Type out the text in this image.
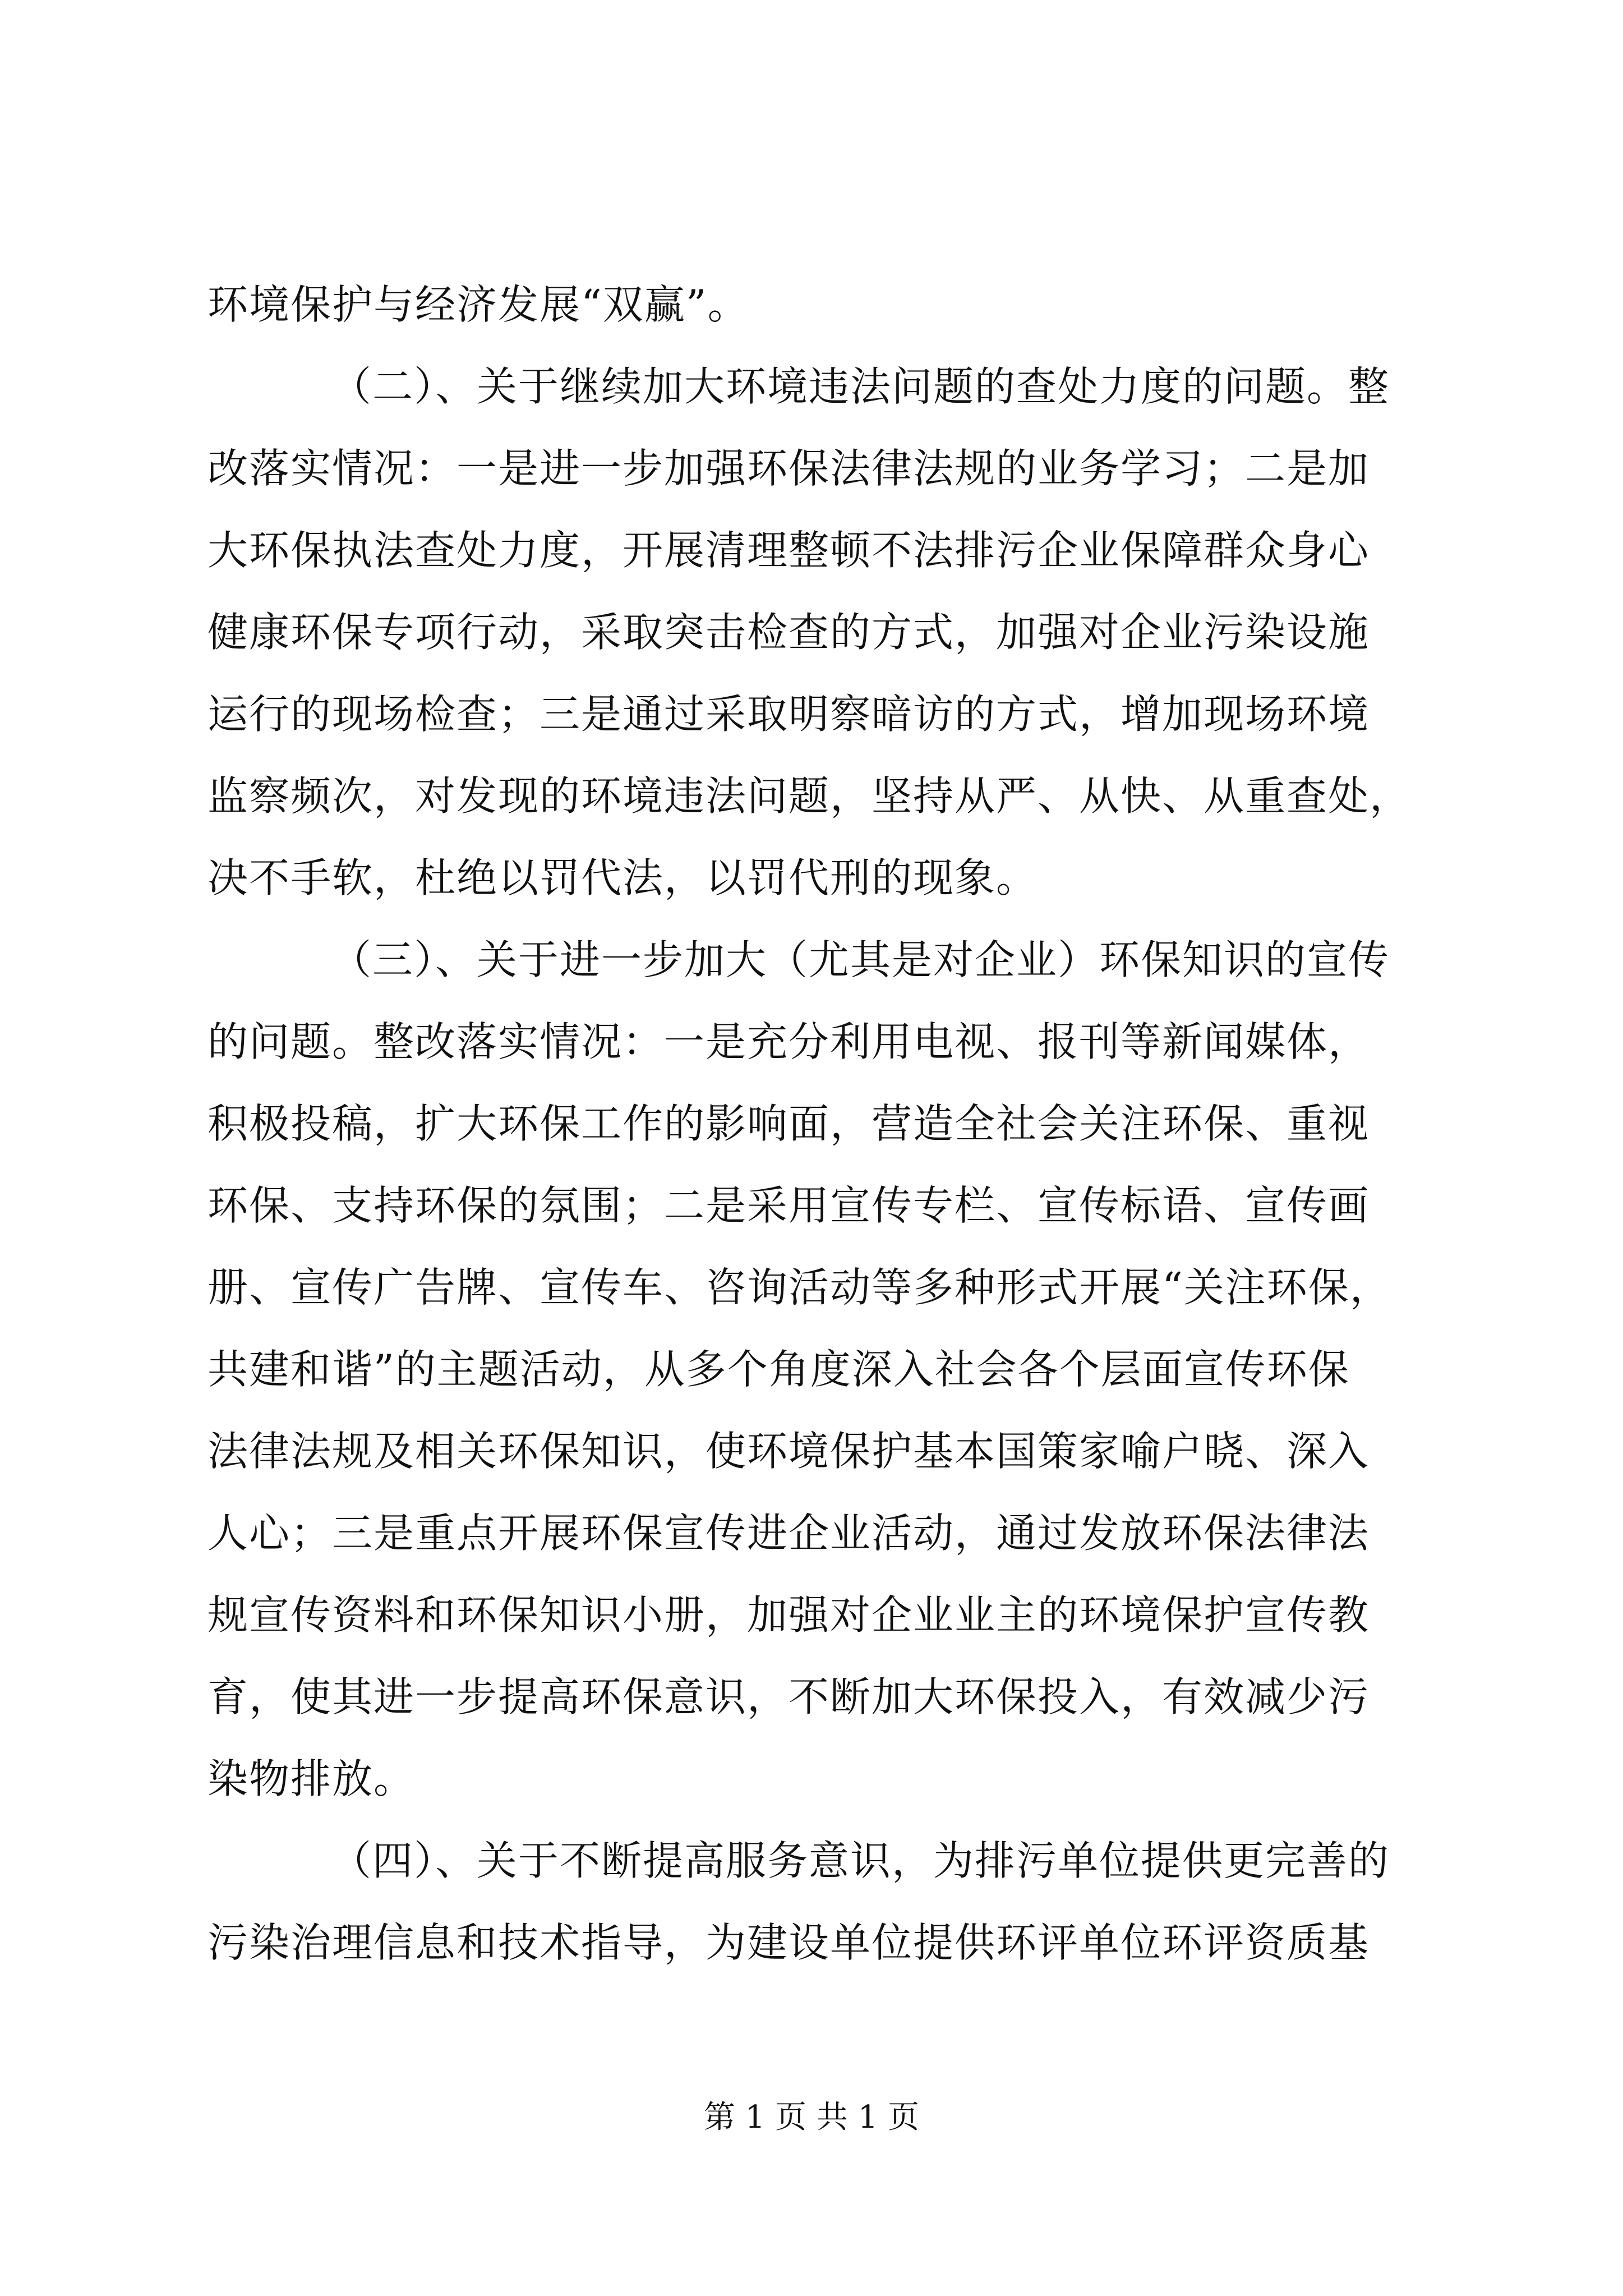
环境保护与经济发展“双赢”。
（二）、关于继续加大环境违法问题的查处力度的问题。整
改落实情况：一是进一步加强环保法律法规的业务学习；二是加
大环保执法查处力度，开展清理整顿不法排污企业保障群众身心
健康环保专项行动，采取突击检查的方式，加强对企业污染设施
运行的现场检查；三是通过采取明察暗访的方式，增加现场环境
监察频次，对发现的环境违法问题，坚持从严、从快、从重查处，
决不手软，杜绝以罚代法，以罚代刑的现象。
（三）、关于进一步加大（尤其是对企业）环保知识的宣传
的问题。整改落实情况：一是充分利用电视、报刊等新闻媒体，
积极投稿，扩大环保工作的影响面，营造全社会关注环保、重视
环保、支持环保的氛围；二是采用宣传专栏、宣传标语、宣传画
册、宣传广告牌、宣传车、咨询活动等多种形式开展“关注环保，
共建和谐”的主题活动，从多个角度深入社会各个层面宣传环保
法律法规及相关环保知识，使环境保护基本国策家喻户晓、深入
人心；三是重点开展环保宣传进企业活动，通过发放环保法律法
规宣传资料和环保知识小册，加强对企业业主的环境保护宣传教
育，使其进一步提高环保意识，不断加大环保投入，有效减少污
染物排放。
（四）、关于不断提高服务意识，为排污单位提供更完善的
污染治理信息和技术指导，为建设单位提供环评单位环评资质基
第 1 页 共 1 页
